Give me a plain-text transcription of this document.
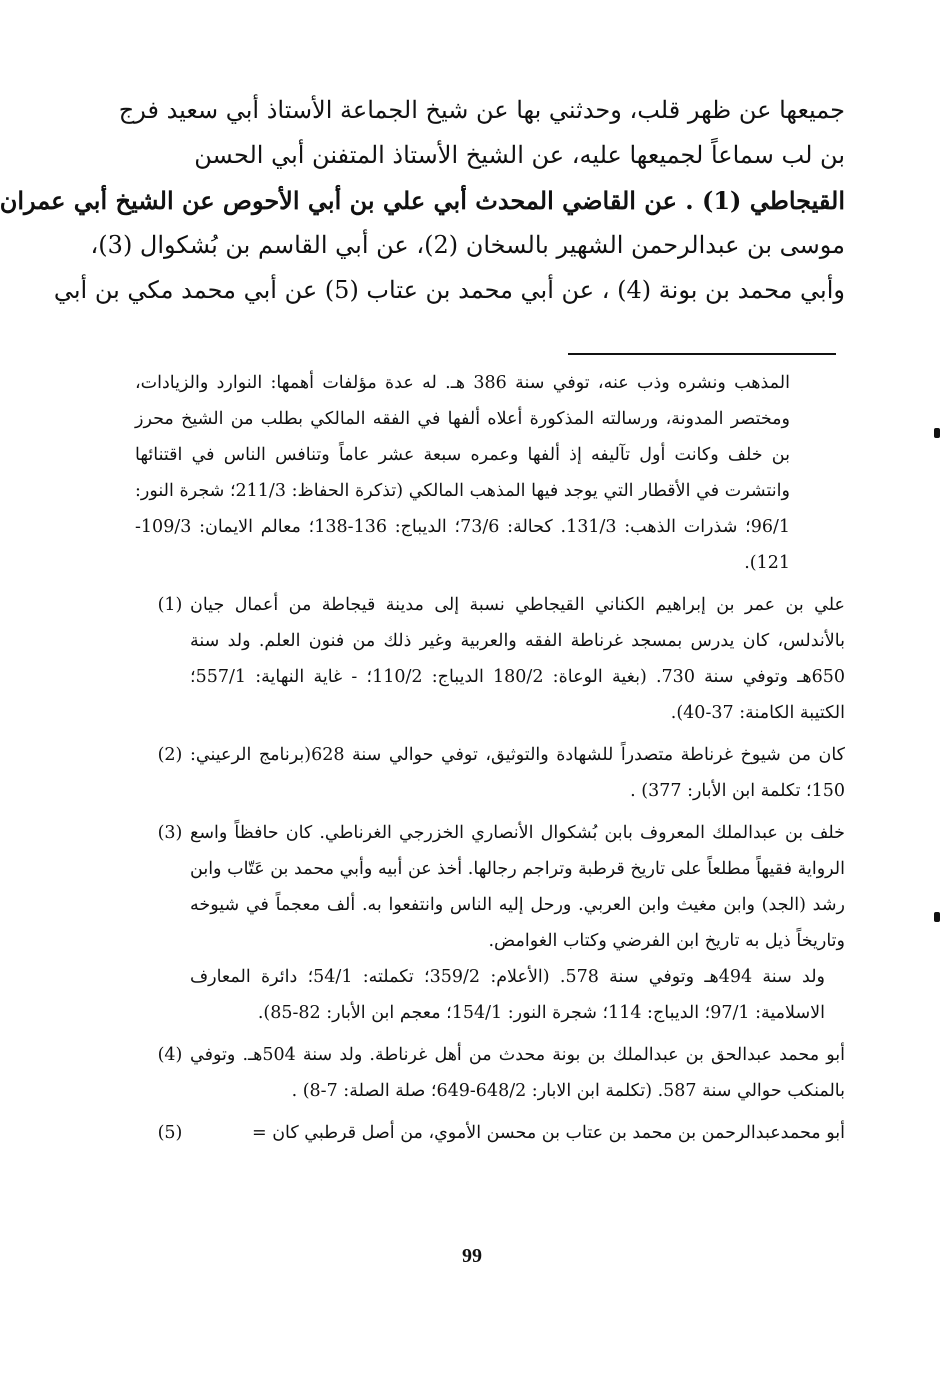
جميعها عن ظهر قلب، وحدثني بها عن شيخ الجماعة الأستاذ أبي سعيد فرج
بن لب سماعاً لجميعها عليه، عن الشيخ الأستاذ المتفنن أبي الحسن
القيجاطي (1) . عن القاضي المحدث أبي علي بن أبي الأحوص عن الشيخ أبي عمران
موسى بن عبدالرحمن الشهير بالسخان (2)، عن أبي القاسم بن بُشكوال (3)،
وأبي محمد بن بونة (4) ، عن أبي محمد بن عتاب (5) عن أبي محمد مكي بن أبي
المذهب ونشره وذب عنه، توفي سنة 386 هـ. له عدة مؤلفات أهمها: النوارد والزيادات، ومختصر المدونة، ورسالته المذكورة أعلاه ألفها في الفقه المالكي بطلب من الشيخ محرز بن خلف وكانت أول تآليفه إذ ألفها وعمره سبعة عشر عاماً وتنافس الناس في اقتنائها وانتشرت في الأقطار التي يوجد فيها المذهب المالكي (تذكرة الحفاظ: 211/3؛ شجرة النور: 96/1؛ شذرات الذهب: 131/3. كحالة: 73/6؛ الديباج: 136-138؛ معالم الايمان: 109/3-121).

علي بن عمر بن إبراهيم الكناني القيجاطي نسبة إلى مدينة قيجاطة من أعمال جيان بالأندلس، كان يدرس بمسجد غرناطة الفقه والعربية وغير ذلك من فنون العلم. ولد سنة 650هـ وتوفي سنة 730. (بغية الوعاة: 180/2 الديباج: 110/2؛ - غاية النهاية: 557/1؛ الكتيبة الكامنة: 37-40).

(1)

كان من شيوخ غرناطة متصدراً للشهادة والتوثيق، توفي حوالي سنة 628(برنامج الرعيني: 150؛ تكلمة ابن الأبار: 377) .

(2)

خلف بن عبدالملك المعروف بابن بُشكوال الأنصاري الخزرجي الغرناطي. كان حافظاً واسع الرواية فقيهاً مطلعاً على تاريخ قرطبة وتراجم رجالها. أخذ عن أبيه وأبي محمد بن عَتّاب وابن رشد (الجد) وابن مغيث وابن العربي. ورحل إليه الناس وانتفعوا به. ألف معجماً في شيوخه وتاريخاً ذيل به تاريخ ابن الفرضي وكتاب الغوامض.

ولد سنة 494هـ وتوفي سنة 578. (الأعلام: 359/2؛ تكملته: 54/1؛ دائرة المعارف الاسلامية: 97/1؛ الديباج: 114؛ شجرة النور: 154/1؛ معجم ابن الأبار: 82-85).

(3)

أبو محمد عبدالحق بن عبدالملك بن بونة محدث من أهل غرناطة. ولد سنة 504هـ. وتوفي بالمنكب حوالي سنة 587. (تكلمة ابن الابار: 648/2-649؛ صلة الصلة: 7-8) .

(4)

أبو محمدعبدالرحمن بن محمد بن عتاب بن محسن الأموي، من أصل قرطبي كان =

(5)
99
